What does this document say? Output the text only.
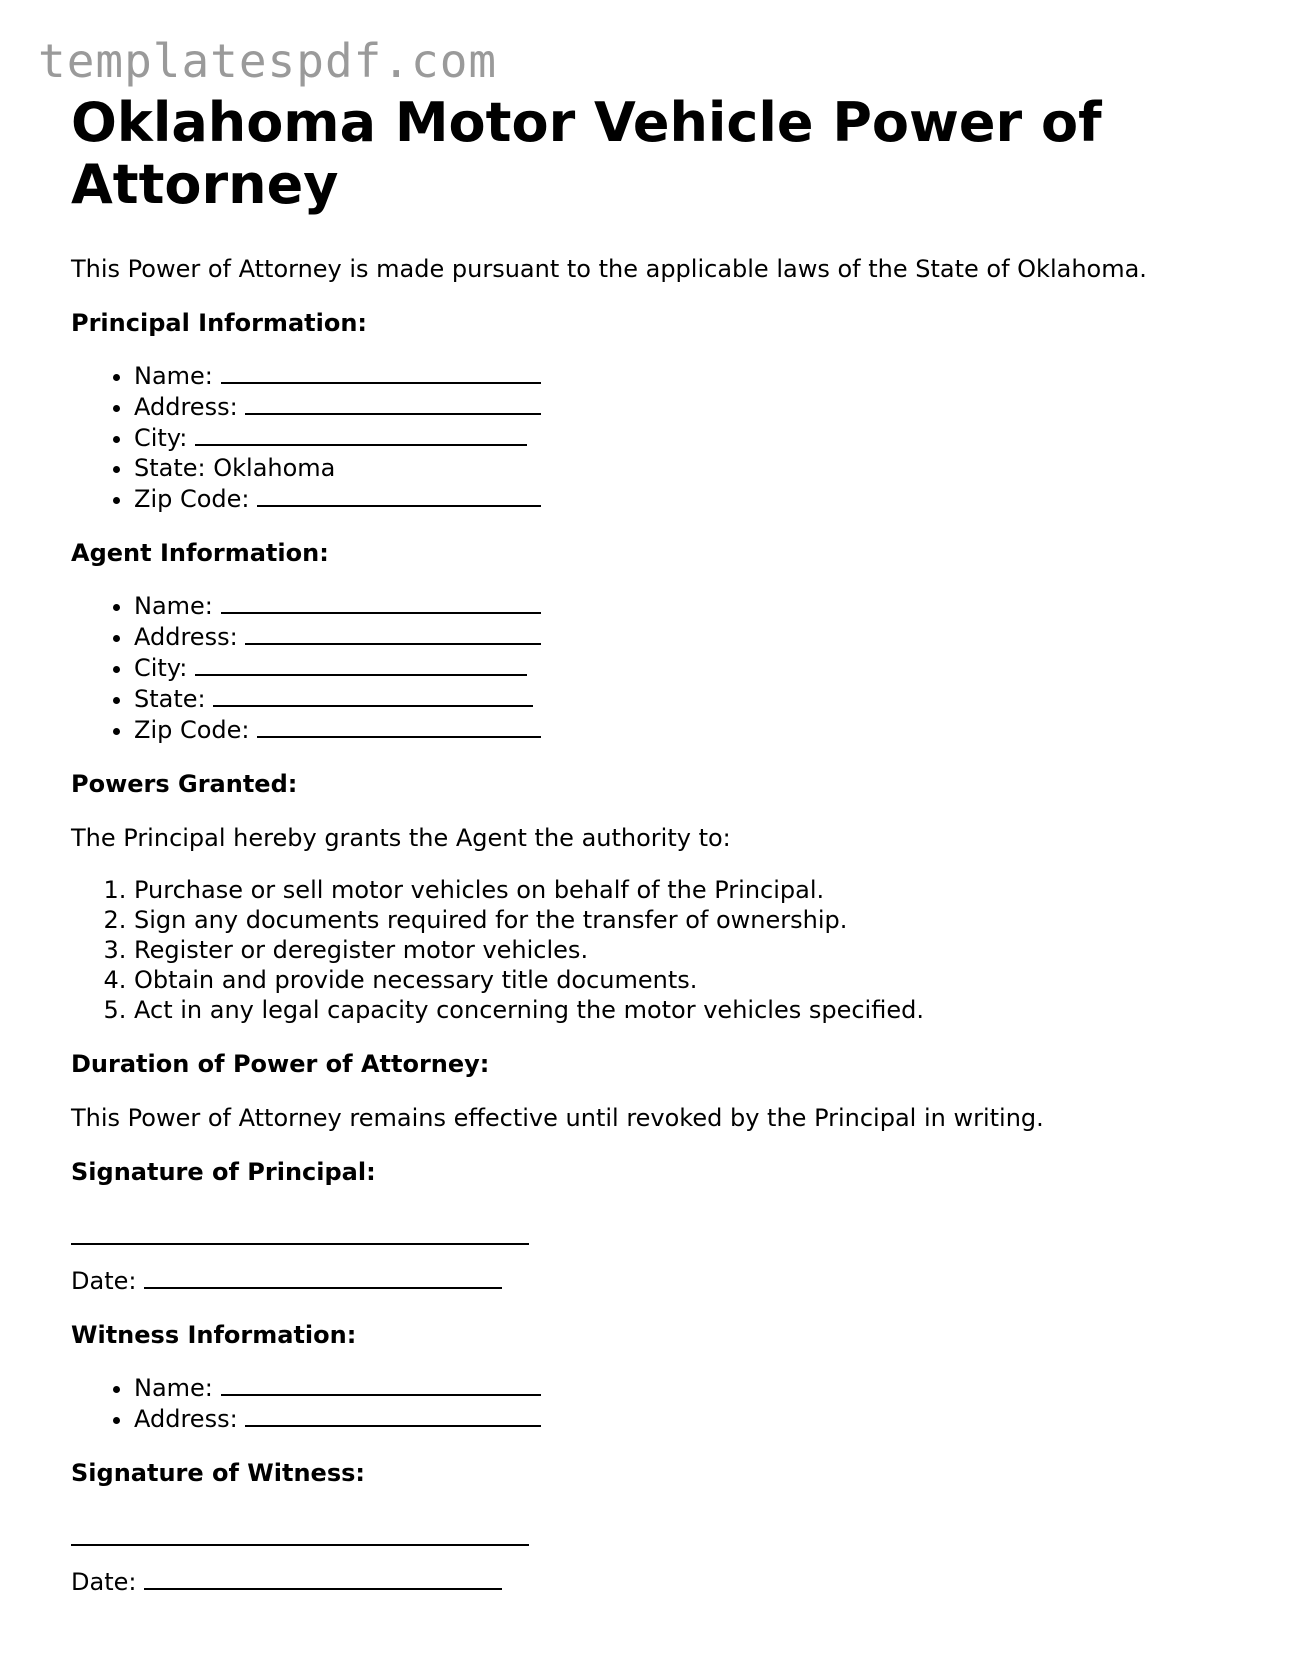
templatespdf.com
Oklahoma Motor Vehicle Power of Attorney

This Power of Attorney is made pursuant to the applicable laws of the State of Oklahoma.

Principal Information:
• Name:
• Address:
• City:
• State: Oklahoma
• Zip Code:
Agent Information:
• Name:
• Address:
• City:
• State:
• Zip Code:
Powers Granted:

The Principal hereby grants the Agent the authority to:

1. Purchase or sell motor vehicles on behalf of the Principal.
2. Sign any documents required for the transfer of ownership.
3. Register or deregister motor vehicles.
4. Obtain and provide necessary title documents.
5. Act in any legal capacity concerning the motor vehicles specified.
Duration of Power of Attorney:

This Power of Attorney remains effective until revoked by the Principal in writing.

Signature of Principal:
Date:
Witness Information:
• Name:
• Address:
Signature of Witness:
Date:
